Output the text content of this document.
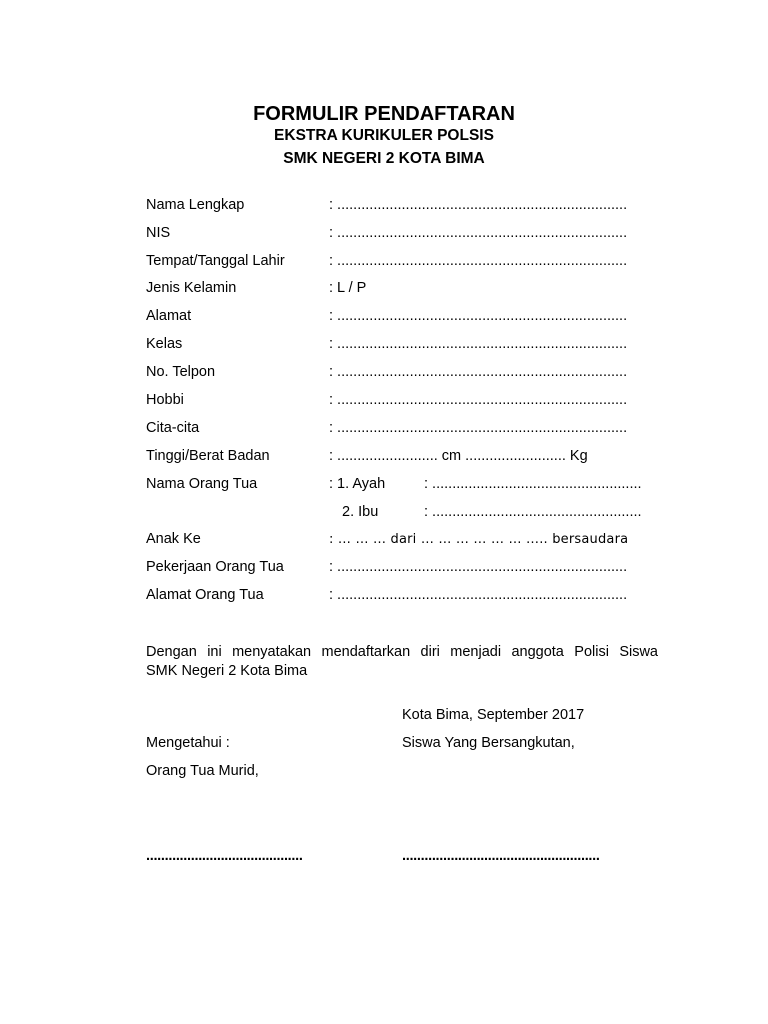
FORMULIR PENDAFTARAN
EKSTRA KURIKULER POLSIS
SMK NEGERI 2 KOTA BIMA
Nama Lengkap	: ........................................................................
NIS	: ........................................................................
Tempat/Tanggal Lahir	: ........................................................................
Jenis Kelamin	: L / P
Alamat	: ........................................................................
Kelas	: ........................................................................
No. Telpon	: ........................................................................
Hobbi	: ........................................................................
Cita-cita	: ........................................................................
Tinggi/Berat Badan	: ......................... cm ......................... Kg
Nama Orang Tua	: 1. Ayah	: ....................................................
2. Ibu	: ....................................................
Anak Ke	: … … … dari … … … … … … ….. bersaudara
Pekerjaan Orang Tua	: ........................................................................
Alamat Orang Tua	: ........................................................................
Dengan ini menyatakan mendaftarkan diri menjadi anggota Polisi Siswa
SMK Negeri 2 Kota Bima
Kota Bima, September 2017
Mengetahui :	Siswa Yang Bersangkutan,
Orang Tua Murid,
..........................................	.....................................................
